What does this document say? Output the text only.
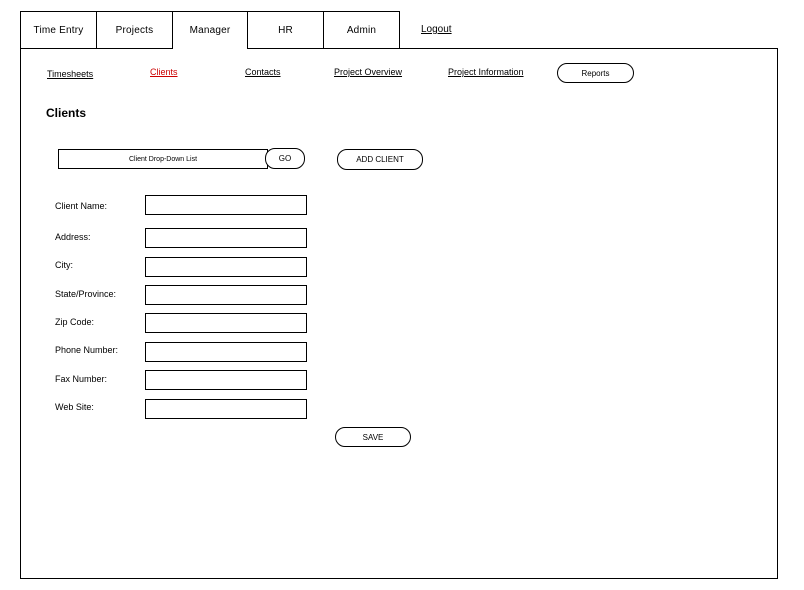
Time Entry	Projects	Manager	HR	Admin	Logout
Timesheets	Clients	Contacts	Project Overview	Project Information	Reports
Clients
Client Drop-Down List	GO	ADD CLIENT
Client Name:
Address:
City:
State/Province:
Zip Code:
Phone Number:
Fax Number:
Web Site:
SAVE
